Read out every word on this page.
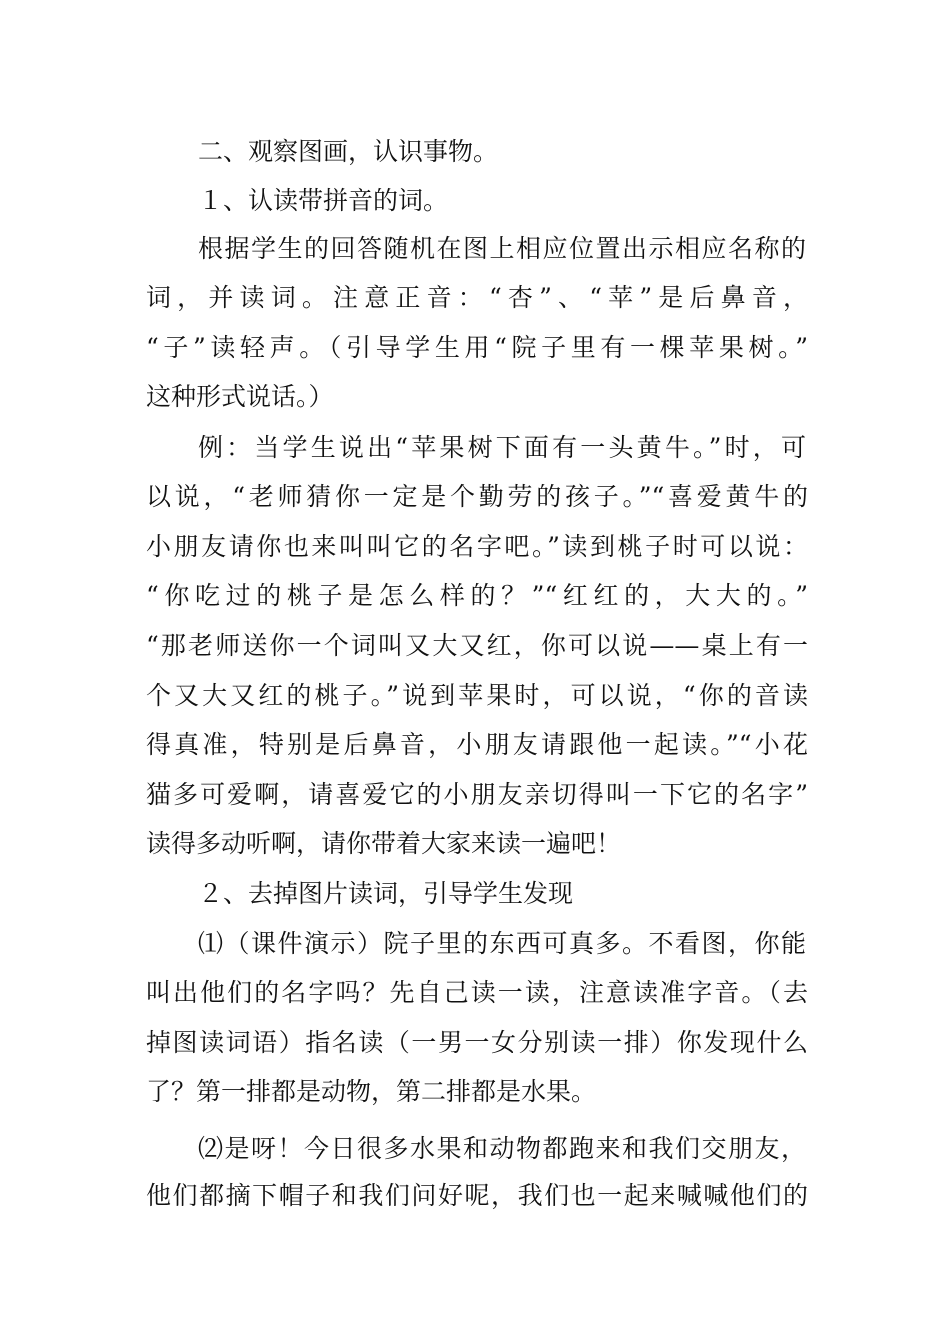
二、观察图画，认识事物。

１、认读带拼音的词。

根据学生的回答随机在图上相应位置出示相应名称的

词，并读词。注意正音：“杏”、“苹”是后鼻音，

“子”读轻声。（引导学生用“院子里有一棵苹果树。”

这种形式说话。）

例：当学生说出“苹果树下面有一头黄牛。”时，可

以说，“老师猜你一定是个勤劳的孩子。”“喜爱黄牛的

小朋友请你也来叫叫它的名字吧。”读到桃子时可以说：

“你吃过的桃子是怎么样的？”“红红的，大大的。”

“那老师送你一个词叫又大又红，你可以说——桌上有一

个又大又红的桃子。”说到苹果时，可以说，“你的音读

得真准，特别是后鼻音，小朋友请跟他一起读。”“小花

猫多可爱啊，请喜爱它的小朋友亲切得叫一下它的名字”

读得多动听啊，请你带着大家来读一遍吧！

２、去掉图片读词，引导学生发现

⑴（课件演示）院子里的东西可真多。不看图，你能

叫出他们的名字吗？先自己读一读，注意读准字音。（去

掉图读词语）指名读（一男一女分别读一排）你发现什么

了？第一排都是动物，第二排都是水果。

⑵是呀！今日很多水果和动物都跑来和我们交朋友，

他们都摘下帽子和我们问好呢，我们也一起来喊喊他们的
